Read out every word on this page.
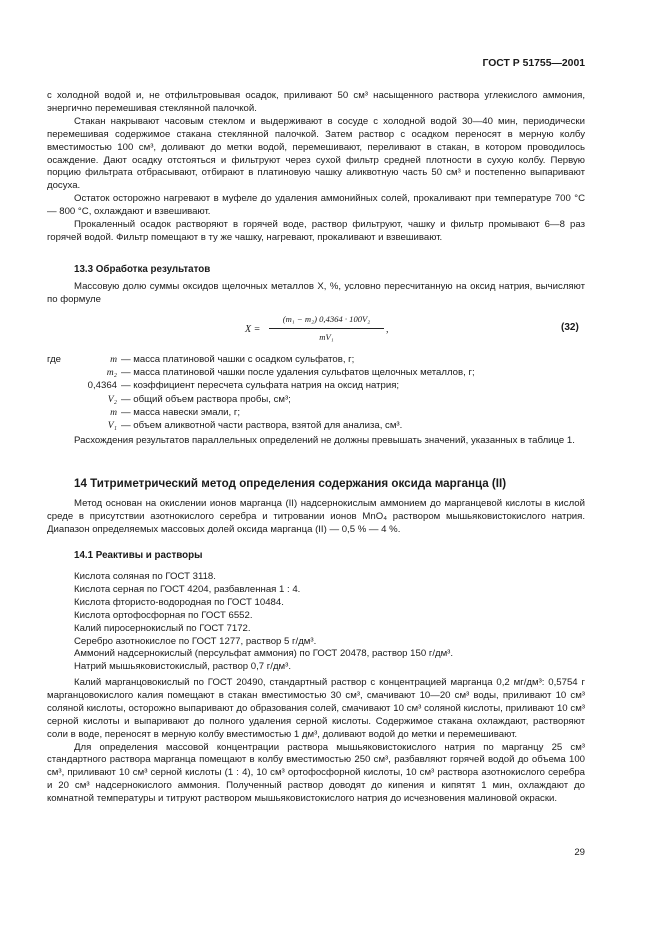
ГОСТ Р 51755—2001

с холодной водой и, не отфильтровывая осадок, приливают 50 см³ насыщенного раствора углекислого аммония, энергично перемешивая стеклянной палочкой.

Стакан накрывают часовым стеклом и выдерживают в сосуде с холодной водой 30—40 мин, периодически перемешивая содержимое стакана стеклянной палочкой. Затем раствор с осадком переносят в мерную колбу вместимостью 100 см³, доливают до метки водой, перемешивают, переливают в стакан, в котором проводилось осаждение. Дают осадку отстояться и фильтруют через сухой фильтр средней плотности в сухую колбу. Первую порцию фильтрата отбрасывают, отбирают в платиновую чашку аликвотную часть 50 см³ и постепенно выпаривают досуха.

Остаток осторожно нагревают в муфеле до удаления аммонийных солей, прокаливают при температуре 700 °С — 800 °С, охлаждают и взвешивают.

Прокаленный осадок растворяют в горячей воде, раствор фильтруют, чашку и фильтр промывают 6—8 раз горячей водой. Фильтр помещают в ту же чашку, нагревают, прокаливают и взвешивают.

13.3 Обработка результатов

Массовую долю суммы оксидов щелочных металлов X, %, условно пересчитанную на оксид натрия, вычисляют по формуле

X =
(m₁ − m₂) 0,4364 · 100V₂
mV₁
,	(32)
где	m — масса платиновой чашки с осадком сульфатов, г;
m₂ — масса платиновой чашки после удаления сульфатов щелочных металлов, г;
0,4364 — коэффициент пересчета сульфата натрия на оксид натрия;
V₂ — общий объем раствора пробы, см³;
m — масса навески эмали, г;
V₁ — объем аликвотной части раствора, взятой для анализа, см³.

Расхождения результатов параллельных определений не должны превышать значений, указанных в таблице 1.

14 Титриметрический метод определения содержания оксида марганца (II)

Метод основан на окислении ионов марганца (II) надсернокислым аммонием до марганцевой кислоты в кислой среде в присутствии азотнокислого серебра и титровании ионов MnO₄ раствором мышьяковистокислого натрия. Диапазон определяемых массовых долей оксида марганца (II) — 0,5 % — 4 %.

14.1 Реактивы и растворы

Кислота соляная по ГОСТ 3118.

Кислота серная по ГОСТ 4204, разбавленная 1 : 4.

Кислота фтористо-водородная по ГОСТ 10484.

Кислота ортофосфорная по ГОСТ 6552.

Калий пиросернокислый по ГОСТ 7172.

Серебро азотнокислое по ГОСТ 1277, раствор 5 г/дм³.

Аммоний надсернокислый (персульфат аммония) по ГОСТ 20478, раствор 150 г/дм³.

Натрий мышьяковистокислый, раствор 0,7 г/дм³.

Калий марганцовокислый по ГОСТ 20490, стандартный раствор с концентрацией марганца 0,2 мг/дм³: 0,5754 г марганцовокислого калия помещают в стакан вместимостью 30 см³, смачивают 10—20 см³ воды, приливают 10 см³ соляной кислоты, осторожно выпаривают до образования солей, смачивают 10 см³ соляной кислоты, приливают 10 см³ серной кислоты и выпаривают до полного удаления серной кислоты. Содержимое стакана охлаждают, растворяют соли в воде, переносят в мерную колбу вместимостью 1 дм³, доливают водой до метки и перемешивают.

Для определения массовой концентрации раствора мышьяковистокислого натрия по марганцу 25 см³ стандартного раствора марганца помещают в колбу вместимостью 250 см³, разбавляют горячей водой до объема 100 см³, приливают 10 см³ серной кислоты (1 : 4), 10 см³ ортофосфорной кислоты, 10 см³ раствора азотнокислого серебра и 20 см³ надсернокислого аммония. Полученный раствор доводят до кипения и кипятят 1 мин, охлаждают до комнатной температуры и титруют раствором мышьяковистокислого натрия до исчезновения малиновой окраски.

29
